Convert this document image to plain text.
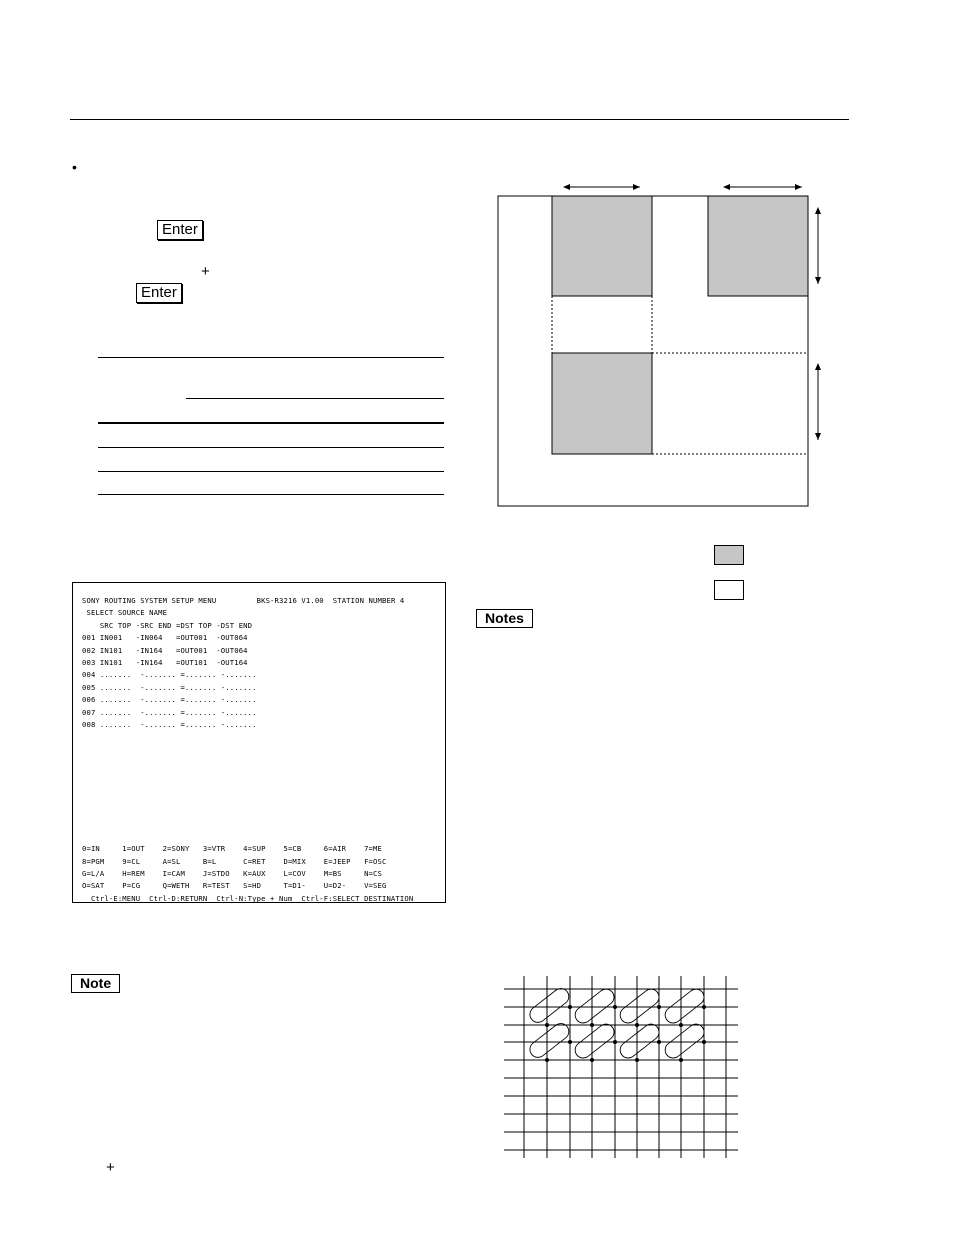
•
Enter
+
Enter
SONY ROUTING SYSTEM SETUP MENU	BKS-R3216 V1.00  STATION NUMBER 4
SELECT SOURCE NAME
SRC TOP -SRC END =DST TOP -DST END
001 IN001   -IN064   =OUT001  -OUT064
002 IN101   -IN164   =OUT001  -OUT064
003 IN101   -IN164   =OUT101  -OUT164
004 .......  -....... =....... -.......
005 .......  -....... =....... -.......
006 .......  -....... =....... -.......
007 .......  -....... =....... -.......
008 .......  -....... =....... -.......

0=IN     1=OUT    2=SONY   3=VTR    4=SUP    5=CB     6=AIR    7=ME
8=PGM    9=CL     A=SL     B=L      C=RET    D=MIX    E=JEEP   F=OSC
G=L/A    H=REM    I=CAM    J=STDO   K=AUX    L=COV    M=BS     N=CS
O=SAT    P=CG     Q=WETH   R=TEST   S=HD     T=D1-    U=D2-    V=SEG
Ctrl-E:MENU  Ctrl-D:RETURN  Ctrl-N:Type + Num  Ctrl-F:SELECT DESTINATION
Note
+
Notes
